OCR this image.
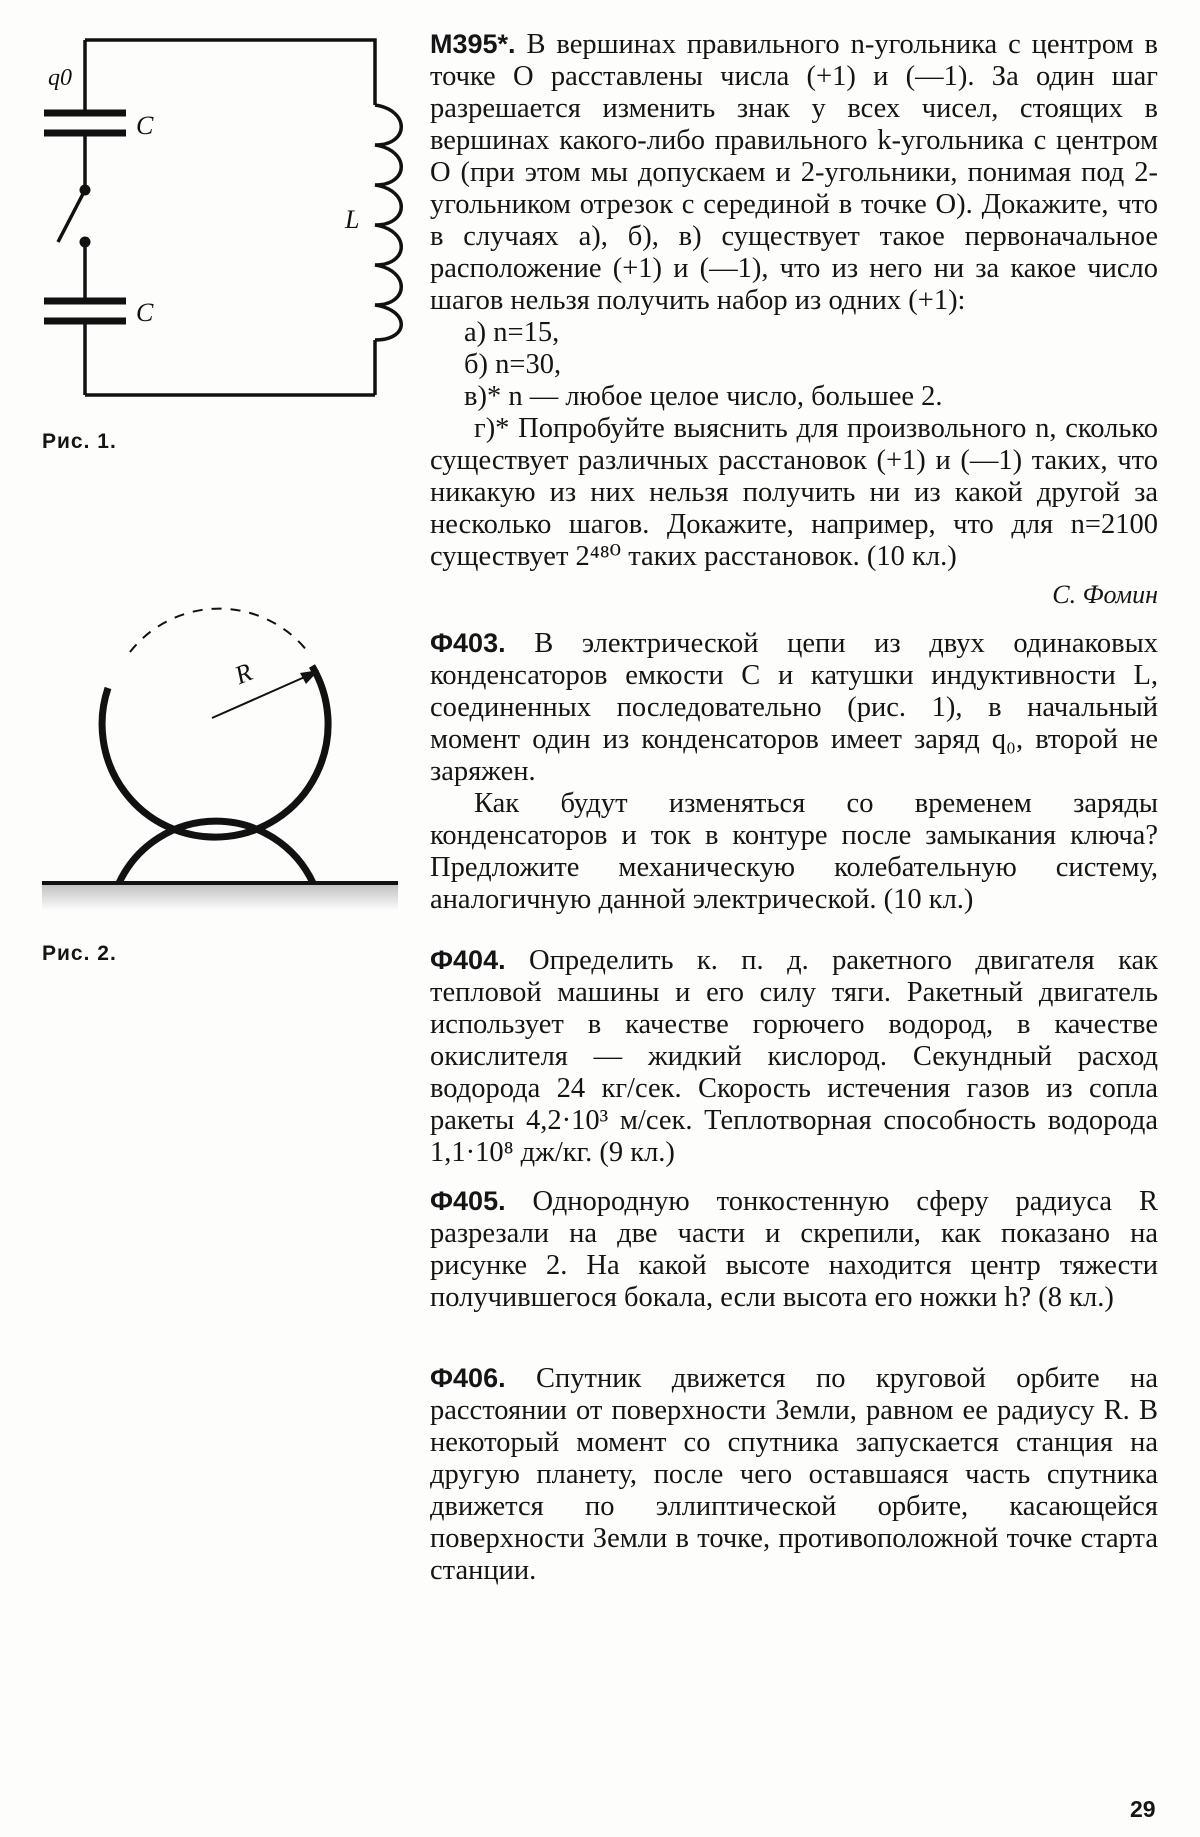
q0
C
C
L
Рис. 1.
R
Рис. 2.

М395*. В вершинах правильного n-угольника с центром в точке O расставлены числа (+1) и (—1). За один шаг разрешается изменить знак у всех чисел, стоящих в вершинах какого-либо правильного k-угольника с центром O (при этом мы допускаем и 2-угольники, понимая под 2-угольником отрезок с серединой в точке O). Докажите, что в случаях а), б), в) существует такое первоначальное расположение (+1) и (—1), что из него ни за какое число шагов нельзя получить набор из одних (+1):

а) n=15,
б) n=30,
в)* n — любое целое число, большее 2.

г)* Попробуйте выяснить для произвольного n, сколько существует различных расстановок (+1) и (—1) таких, что никакую из них нельзя получить ни из какой другой за несколько шагов. Докажите, например, что для n=2100 существует 2⁴⁸⁰ таких расстановок. (10 кл.)

С. Фомин

Ф403. В электрической цепи из двух одинаковых конденсаторов емкости C и катушки индуктивности L, соединенных последовательно (рис. 1), в начальный момент один из конденсаторов имеет заряд q₀, второй не заряжен.

Как будут изменяться со временем заряды конденсаторов и ток в контуре после замыкания ключа? Предложите механическую колебательную систему, аналогичную данной электрической. (10 кл.)

Ф404. Определить к. п. д. ракетного двигателя как тепловой машины и его силу тяги. Ракетный двигатель использует в качестве горючего водород, в качестве окислителя — жидкий кислород. Секундный расход водорода 24 кг/сек. Скорость истечения газов из сопла ракеты 4,2·10³ м/сек. Теплотворная способность водорода 1,1·10⁸ дж/кг. (9 кл.)

Ф405. Однородную тонкостенную сферу радиуса R разрезали на две части и скрепили, как показано на рисунке 2. На какой высоте находится центр тяжести получившегося бокала, если высота его ножки h? (8 кл.)

Ф406. Спутник движется по круговой орбите на расстоянии от поверхности Земли, равном ее радиусу R. В некоторый момент со спутника запускается станция на другую планету, после чего оставшаяся часть спутника движется по эллиптической орбите, касающейся поверхности Земли в точке, противоположной точке старта станции.

29
